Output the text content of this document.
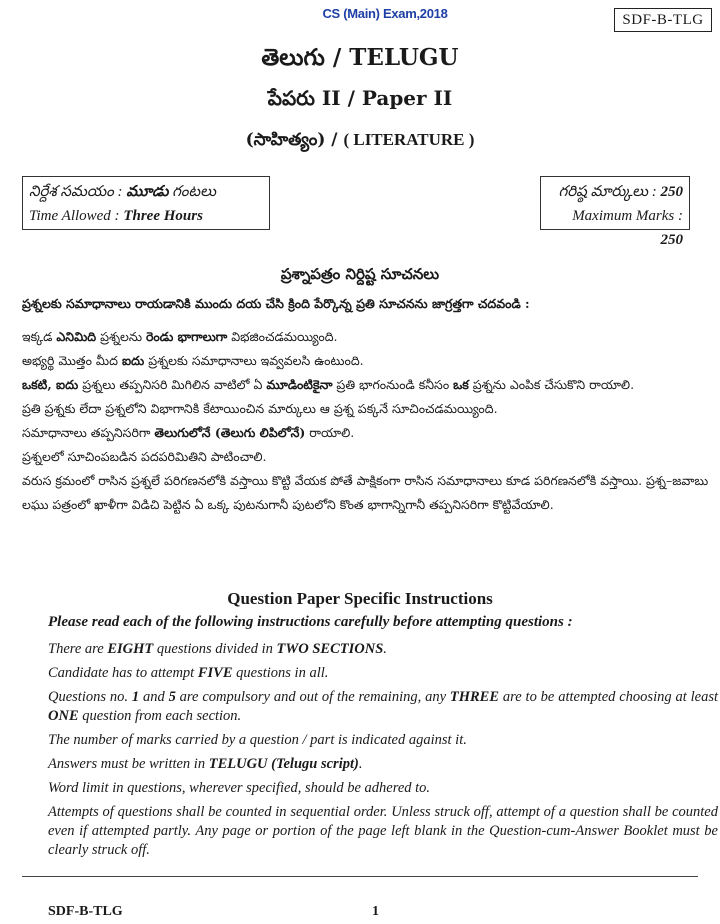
CS (Main) Exam,2018	SDF-B-TLG
తెలుగు / TELUGU
పేపరు II / Paper II
(సాహిత్యం) / ( LITERATURE )
నిర్దేశ సమయం : మూడు గంటలు
Time Allowed : Three Hours
గరిష్ఠ మార్కులు : 250
Maximum Marks : 250
ప్రశ్నాపత్రం నిర్దిష్ట సూచనలు
ప్రశ్నలకు సమాధానాలు రాయడానికి ముందు దయ చేసి క్రింది పేర్కొన్న ప్రతి సూచనను జాగ్రత్తగా చదవండి :

ఇక్కడ ఎనిమిది ప్రశ్నలను రెండు భాగాలుగా విభజించడమయ్యింది.

అభ్యర్థి మొత్తం మీద ఐదు ప్రశ్నలకు సమాధానాలు ఇవ్వవలసి ఉంటుంది.

ఒకటి, ఐదు ప్రశ్నలు తప్పనిసరి మిగిలిన వాటిలో ఏ మూడింటికైనా ప్రతి భాగంనుండి కనీసం ఒక ప్రశ్నను ఎంపిక చేసుకొని రాయాలి.

ప్రతి ప్రశ్నకు లేదా ప్రశ్నలోని విభాగానికి కేటాయించిన మార్కులు ఆ ప్రశ్న పక్కనే సూచించడమయ్యింది.

సమాధానాలు తప్పనిసరిగా తెలుగులోనే (తెలుగు లిపిలోనే) రాయాలి.

ప్రశ్నలలో సూచింపబడిన పదపరిమితిని పాటించాలి.

వరుస క్రమంలో రాసిన ప్రశ్నలే పరిగణనలోకి వస్తాయి కొట్టి వేయక పోతే పాక్షికంగా రాసిన సమాధానాలు కూడ పరిగణనలోకి వస్తాయి. ప్రశ్న–జవాబు లఘు పత్రంలో ఖాళీగా విడిచి పెట్టిన ఏ ఒక్క పుటనుగానీ పుటలోని కొంత భాగాన్నిగానీ తప్పనిసరిగా కొట్టివేయాలి.

Question Paper Specific Instructions
Please read each of the following instructions carefully before attempting questions :

There are EIGHT questions divided in TWO SECTIONS.

Candidate has to attempt FIVE questions in all.

Questions no. 1 and 5 are compulsory and out of the remaining, any THREE are to be attempted choosing at least ONE question from each section.

The number of marks carried by a question / part is indicated against it.

Answers must be written in TELUGU (Telugu script).

Word limit in questions, wherever specified, should be adhered to.

Attempts of questions shall be counted in sequential order. Unless struck off, attempt of a question shall be counted even if attempted partly. Any page or portion of the page left blank in the Question-cum-Answer Booklet must be clearly struck off.

SDF-B-TLG	1
